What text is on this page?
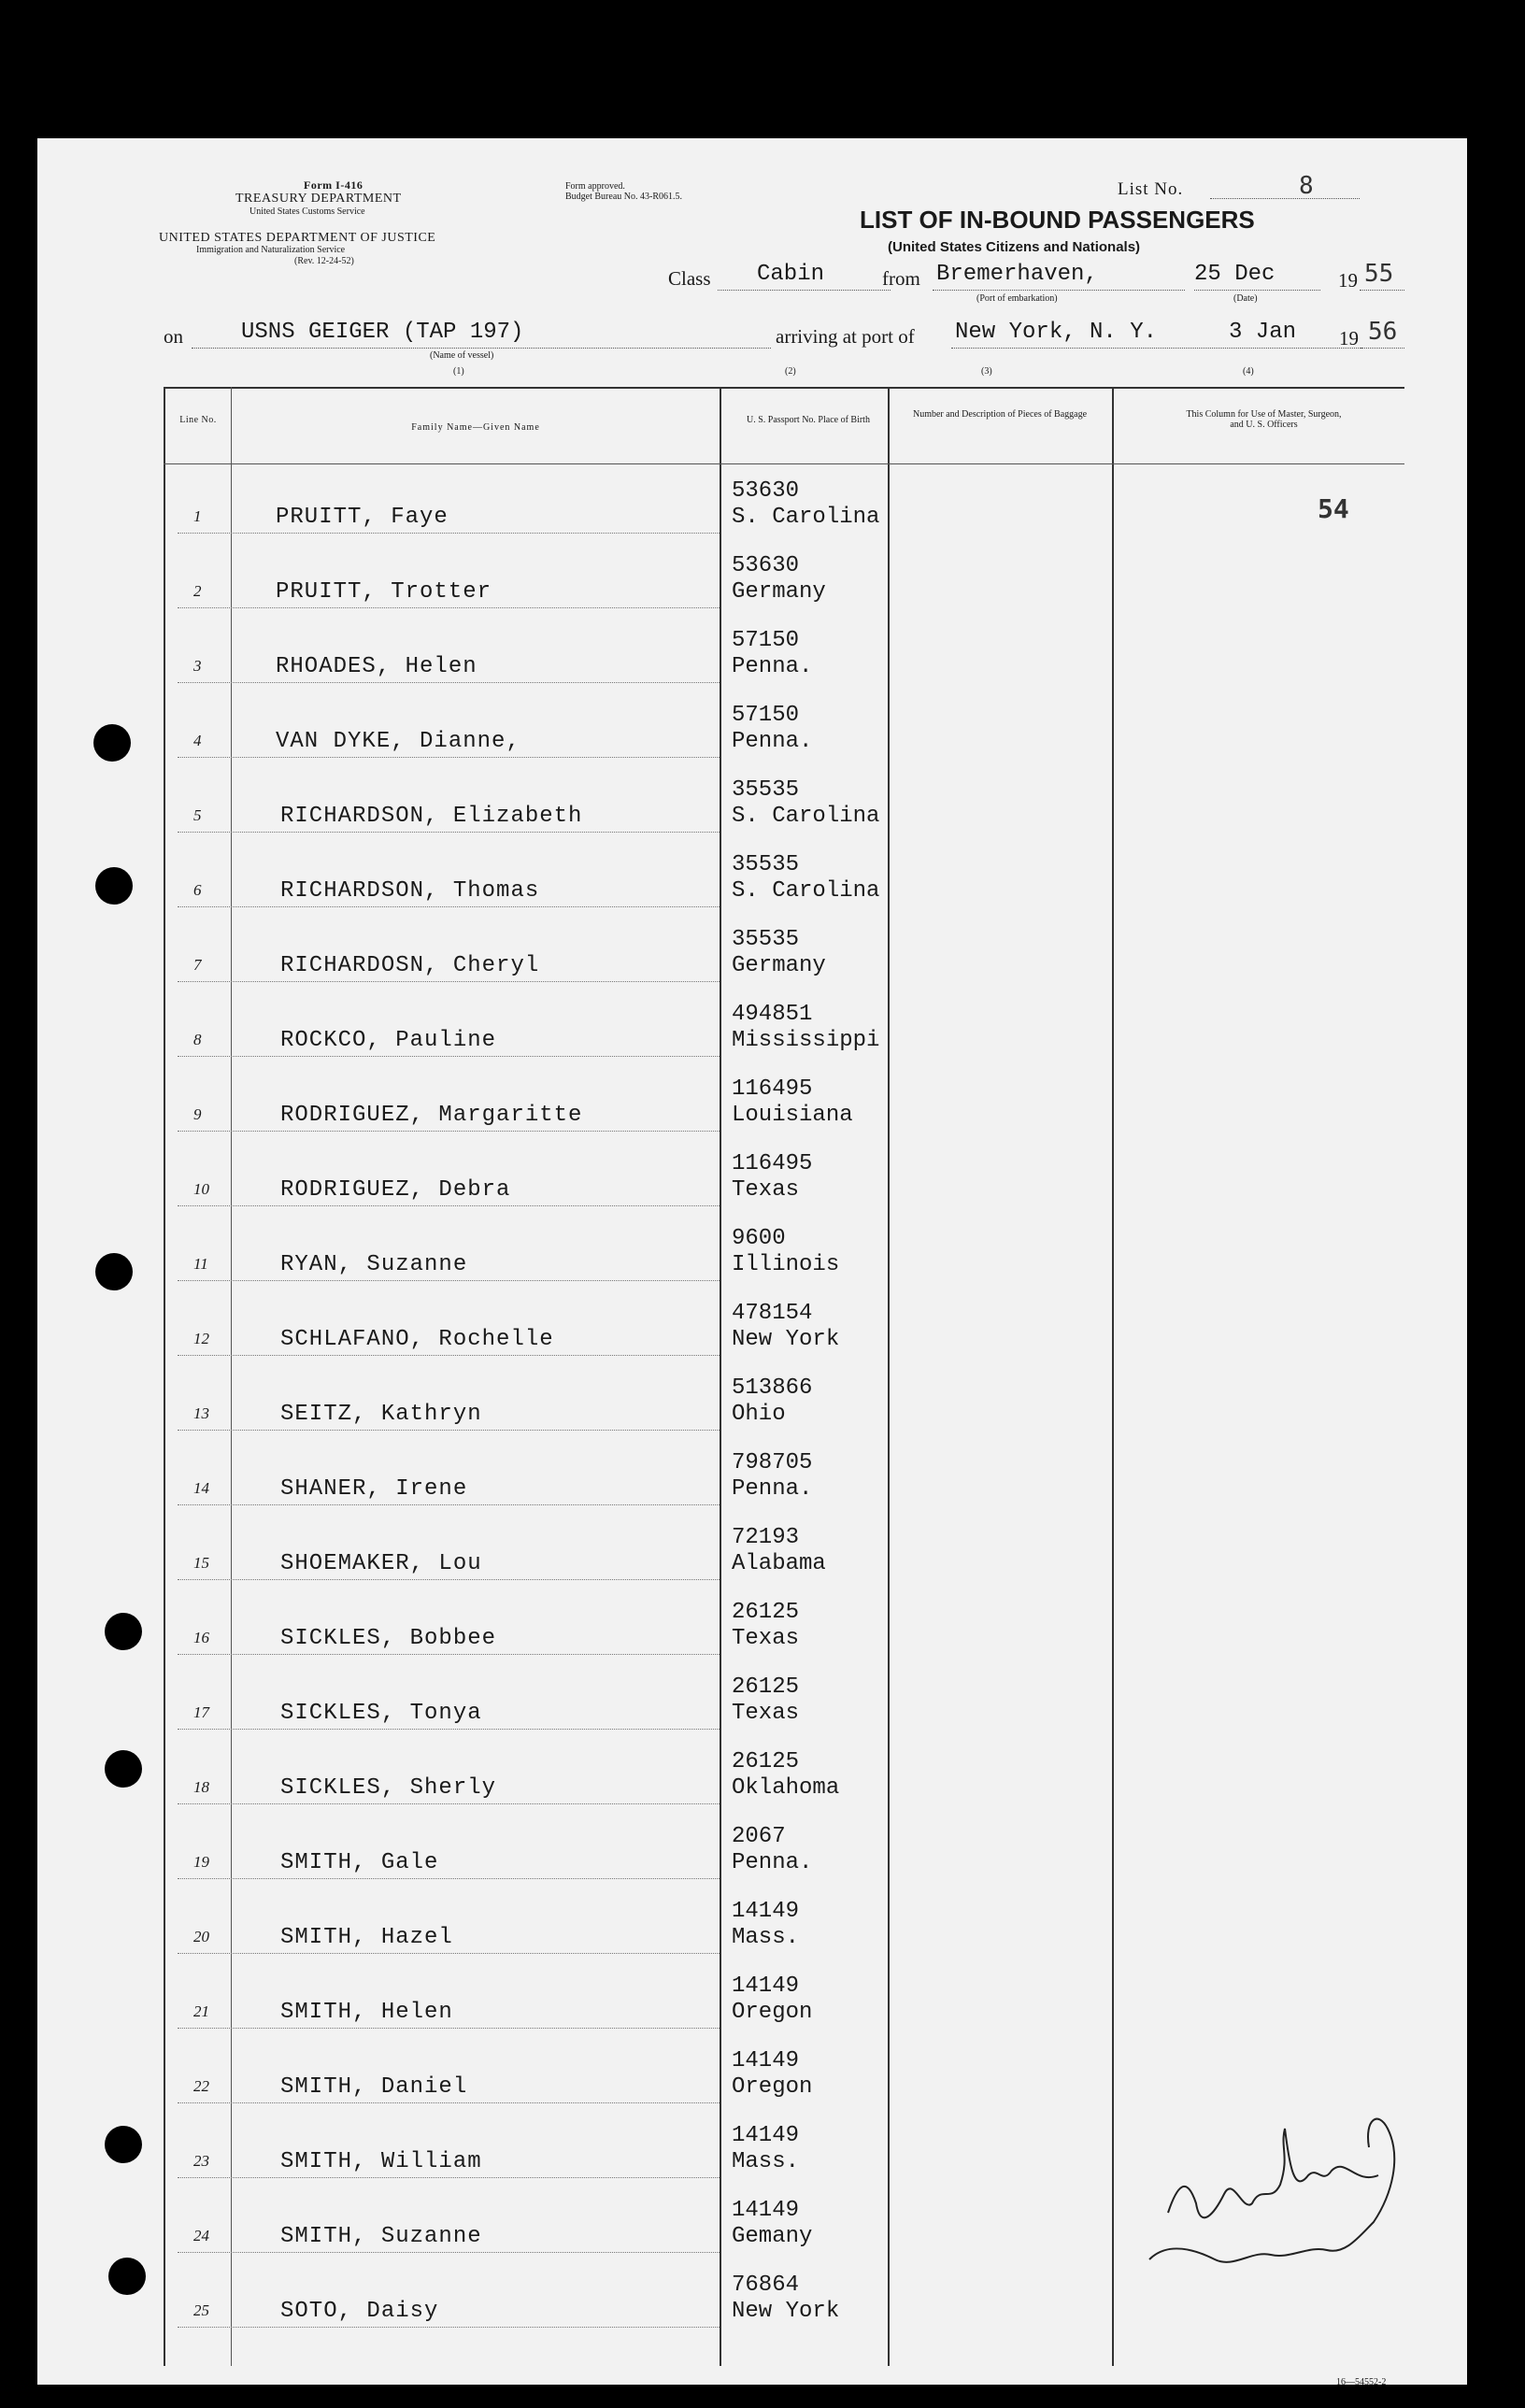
Form I-416
TREASURY DEPARTMENT
United States Customs Service
UNITED STATES DEPARTMENT OF JUSTICE
Immigration and Naturalization Service
(Rev. 12-24-52)
Form approved.
Budget Bureau No. 43-R061.5.
LIST OF IN-BOUND PASSENGERS
(United States Citizens and Nationals)
List No.	8
Class Cabin	from Bremerhaven,
(Port of embarkation)
25 Dec
(Date)
19 55
on	USNS GEIGER (TAP 197)
(Name of vessel)
(1)
arriving at port of
(2)
New York, N. Y.	3 Jan
(3)	(4)
19 56
Line No.
Family Name—Given Name
U. S. Passport No. Place of Birth
Number and Description of Pieces of Baggage	This Column for Use of Master, Surgeon, and U. S. Officers
54
1	PRUITT, Faye
53630
S. Carolina
2	PRUITT, Trotter
53630
Germany
3	RHOADES, Helen
57150
Penna.
4	VAN DYKE, Dianne,
57150
Penna.
5	RICHARDSON, Elizabeth
35535
S. Carolina
6	RICHARDSON, Thomas
35535
S. Carolina
7	RICHARDOSN, Cheryl
35535
Germany
8	ROCKCO, Pauline
494851
Mississippi
9	RODRIGUEZ, Margaritte
116495
Louisiana
10	RODRIGUEZ, Debra
116495
Texas
11	RYAN, Suzanne
9600
Illinois
12	SCHLAFANO, Rochelle
478154
New York
13	SEITZ, Kathryn
513866
Ohio
14	SHANER, Irene
798705
Penna.
15	SHOEMAKER, Lou
72193
Alabama
16	SICKLES, Bobbee
26125
Texas
17	SICKLES, Tonya
26125
Texas
18	SICKLES, Sherly
26125
Oklahoma
19	SMITH, Gale
2067
Penna.
20	SMITH, Hazel
14149
Mass.
21	SMITH, Helen
14149
Oregon
22	SMITH, Daniel
14149
Oregon
23	SMITH, William
14149
Mass.
24	SMITH, Suzanne
14149
Gemany
25	SOTO, Daisy
76864
New York
16—54552-2
